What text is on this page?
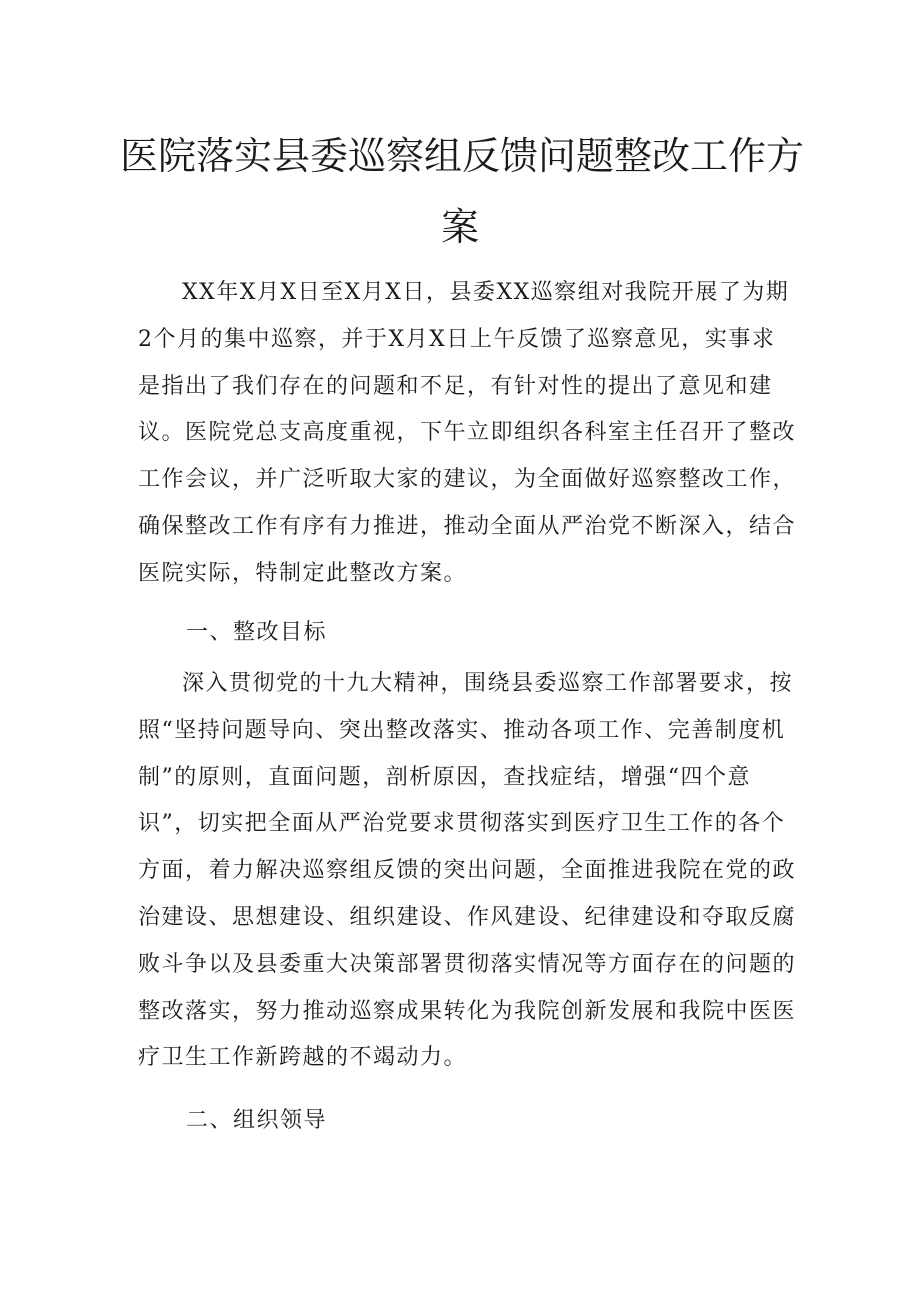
医院落实县委巡察组反馈问题整改工作方
案

XX年X月X日至X月X日，县委XX巡察组对我院开展了为期2个月的集中巡察，并于X月X日上午反馈了巡察意见，实事求是指出了我们存在的问题和不足，有针对性的提出了意见和建议。医院党总支高度重视，下午立即组织各科室主任召开了整改工作会议，并广泛听取大家的建议，为全面做好巡察整改工作，确保整改工作有序有力推进，推动全面从严治党不断深入，结合医院实际，特制定此整改方案。

一、整改目标

深入贯彻党的十九大精神，围绕县委巡察工作部署要求，按照“坚持问题导向、突出整改落实、推动各项工作、完善制度机制”的原则，直面问题，剖析原因，查找症结，增强“四个意识”，切实把全面从严治党要求贯彻落实到医疗卫生工作的各个方面，着力解决巡察组反馈的突出问题，全面推进我院在党的政治建设、思想建设、组织建设、作风建设、纪律建设和夺取反腐败斗争以及县委重大决策部署贯彻落实情况等方面存在的问题的整改落实，努力推动巡察成果转化为我院创新发展和我院中医医疗卫生工作新跨越的不竭动力。

二、组织领导
